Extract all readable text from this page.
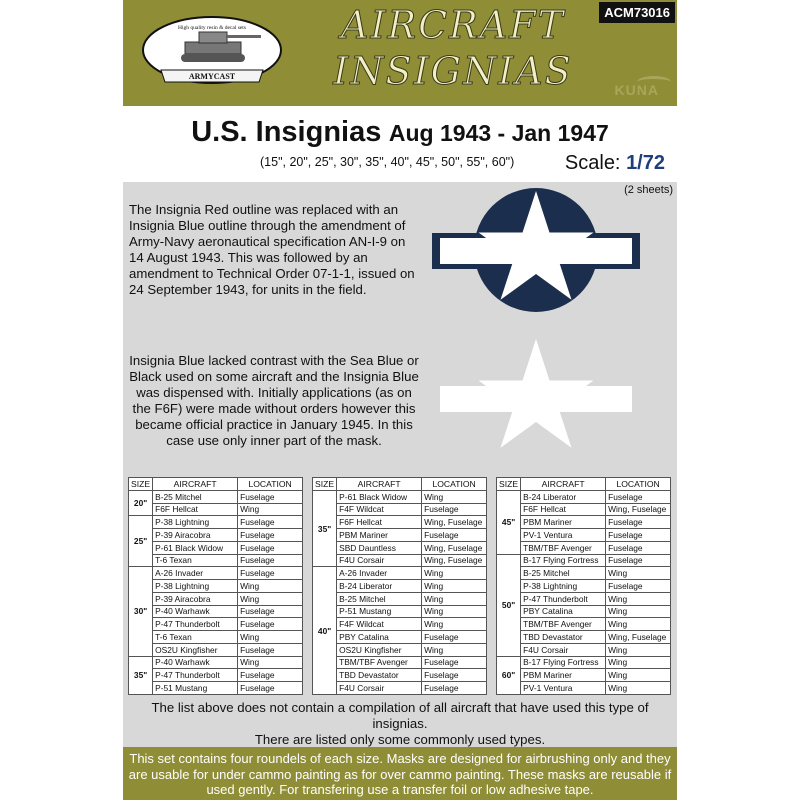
High quality resin & decal sets
ARMYCAST
AIRCRAFT
INSIGNIAS
ACM73016
KUNA
U.S. Insignias Aug 1943 - Jan 1947
(15", 20", 25", 30", 35", 40", 45", 50", 55", 60")	Scale: 1/72
(2 sheets)
The Insignia Red outline was replaced with an Insignia Blue outline through the amendment of Army-Navy aeronautical specification AN-I-9 on 14 August 1943. This was followed by an amendment to Technical Order 07-1-1, issued on 24 September 1943, for units in the field.
Insignia Blue lacked contrast with the Sea Blue or Black used on some aircraft and the Insignia Blue was dispensed with. Initially applications (as on the F6F) were made without orders however this became official practice in January 1945. In this case use only inner part of the mask.
SIZE	AIRCRAFT	LOCATION
20"	B-25 Mitchel	Fuselage
	F6F Hellcat	Wing
25"	P-38 Lightning	Fuselage
	P-39 Airacobra	Fuselage
	P-61 Black Widow	Fuselage
	T-6 Texan	Fuselage
30"	A-26 Invader	Fuselage
	P-38 Lightning	Wing
	P-39 Airacobra	Wing
	P-40 Warhawk	Fuselage
	P-47 Thunderbolt	Fuselage
	T-6 Texan	Wing
	OS2U Kingfisher	Fuselage
35"	P-40 Warhawk	Wing
	P-47 Thunderbolt	Fuselage
	P-51 Mustang	Fuselage
SIZE	AIRCRAFT	LOCATION
35"	P-61 Black Widow	Wing
	F4F Wildcat	Fuselage
	F6F Hellcat	Wing, Fuselage
	PBM Mariner	Fuselage
	SBD Dauntless	Wing, Fuselage
	F4U Corsair	Wing, Fuselage
40"	A-26 Invader	Wing
	B-24 Liberator	Wing
	B-25 Mitchel	Wing
	P-51 Mustang	Wing
	F4F Wildcat	Wing
	PBY Catalina	Fuselage
	OS2U Kingfisher	Wing
	TBM/TBF Avenger	Fuselage
	TBD Devastator	Fuselage
	F4U Corsair	Fuselage
SIZE	AIRCRAFT	LOCATION
45"	B-24 Liberator	Fuselage
	F6F Hellcat	Wing, Fuselage
	PBM Mariner	Fuselage
	PV-1 Ventura	Fuselage
	TBM/TBF Avenger	Fuselage
50"	B-17 Flying Fortress	Fuselage
	B-25 Mitchel	Wing
	P-38 Lightning	Fuselage
	P-47 Thunderbolt	Wing
	PBY Catalina	Wing
	TBM/TBF Avenger	Wing
	TBD Devastator	Wing, Fuselage
	F4U Corsair	Wing
60"	B-17 Flying Fortress	Wing
	PBM Mariner	Wing
	PV-1 Ventura	Wing
The list above does not contain a compilation of all aircraft that have used this type of insignias.
There are listed only some commonly used types.
This set contains four roundels of each size. Masks are designed for airbrushing only and they are usable for under cammo painting as for over cammo painting. These masks are reusable if used gently. For transfering use a transfer foil or low adhesive tape.
